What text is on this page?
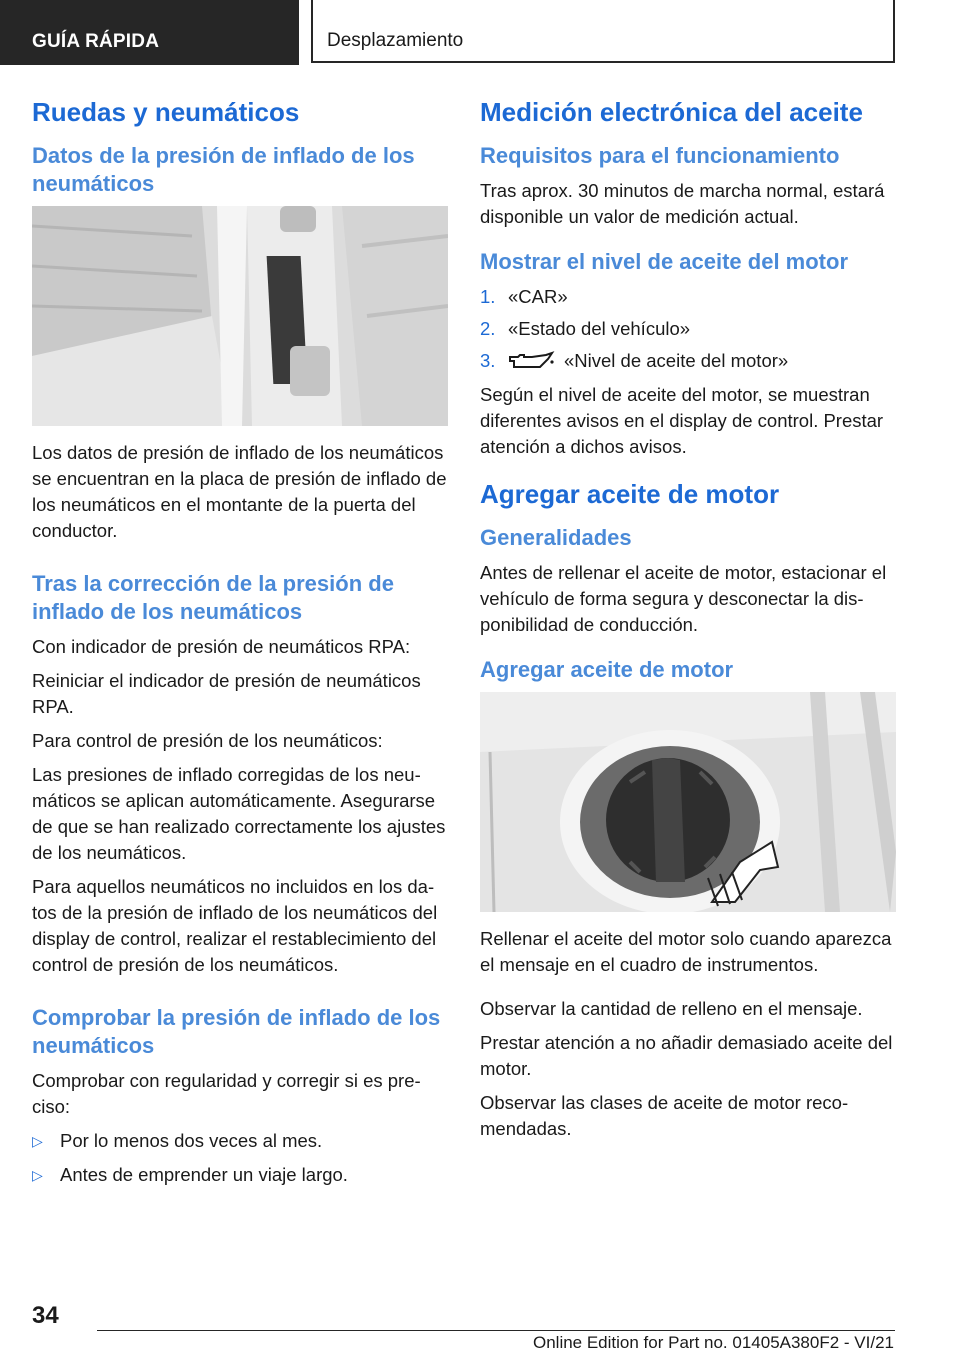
GUÍA RÁPIDA	Desplazamiento
Ruedas y neumáticos
Datos de la presión de inflado de los neumáticos

Los datos de presión de inflado de los neumáticos se encuentran en la placa de presión de inflado de los neumáticos en el montante de la puerta del conductor.

Tras la corrección de la presión de inflado de los neumáticos

Con indicador de presión de neumáticos RPA:

Reiniciar el indicador de presión de neumáticos RPA.

Para control de presión de los neumáticos:

Las presiones de inflado corregidas de los neumáticos se aplican automáticamente. Asegurarse de que se han realizado correctamente los ajustes de los neumáticos.

Para aquellos neumáticos no incluidos en los datos de la presión de inflado de los neumáticos del display de control, realizar el restablecimiento del control de presión de los neumáticos.

Comprobar la presión de inflado de los neumáticos

Comprobar con regularidad y corregir si es preciso:

▷ Por lo menos dos veces al mes.
▷ Antes de emprender un viaje largo.
Medición electrónica del aceite
Requisitos para el funcionamiento

Tras aprox. 30 minutos de marcha normal, estará disponible un valor de medición actual.

Mostrar el nivel de aceite del motor
1. «CAR»
2. «Estado del vehículo»
3.	«Nivel de aceite del motor»

Según el nivel de aceite del motor, se muestran diferentes avisos en el display de control. Prestar atención a dichos avisos.

Agregar aceite de motor
Generalidades

Antes de rellenar el aceite de motor, estacionar el vehículo de forma segura y desconectar la disponibilidad de conducción.

Agregar aceite de motor

Rellenar el aceite del motor solo cuando aparezca el mensaje en el cuadro de instrumentos.

Observar la cantidad de relleno en el mensaje.

Prestar atención a no añadir demasiado aceite del motor.

Observar las clases de aceite de motor recomendadas.

34
Online Edition for Part no. 01405A380F2 - VI/21
